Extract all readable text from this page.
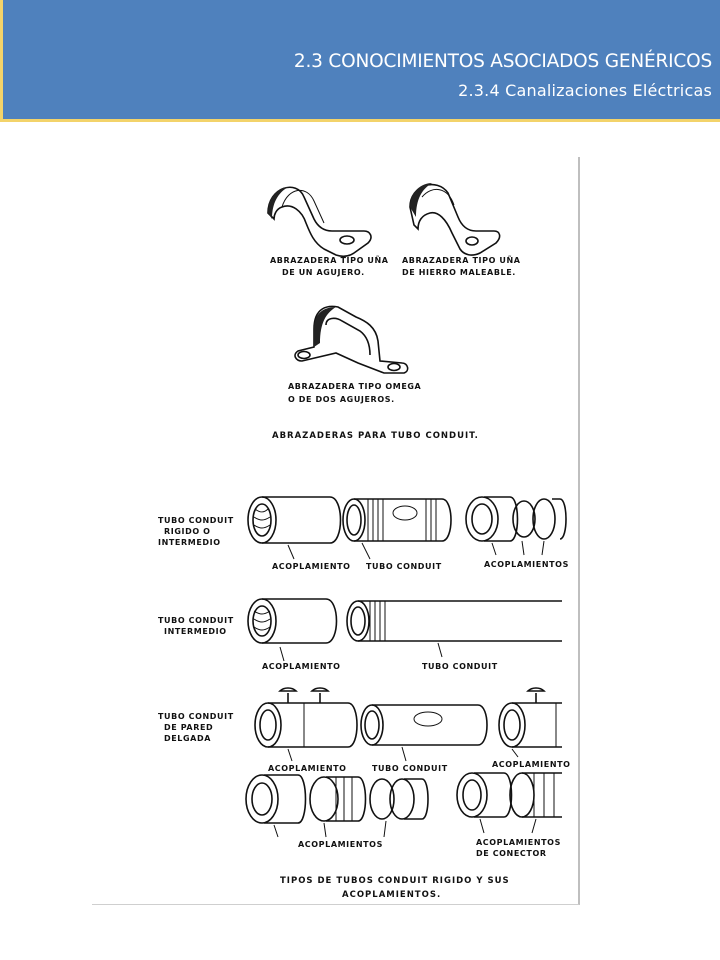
2.3 CONOCIMIENTOS ASOCIADOS GENÉRICOS
2.3.4 Canalizaciones Eléctricas
ABRAZADERA TIPO UÑA
DE UN AGUJERO.
ABRAZADERA TIPO UÑA
DE HIERRO MALEABLE.
ABRAZADERA TIPO OMEGA
O DE DOS AGUJEROS.
ABRAZADERAS PARA TUBO CONDUIT.
TUBO CONDUIT
RIGIDO O
INTERMEDIO
ACOPLAMIENTO TUBO CONDUIT	ACOPLAMIENTOS
TUBO CONDUIT
INTERMEDIO
ACOPLAMIENTO	TUBO CONDUIT
TUBO CONDUIT
DE PARED
DELGADA
ACOPLAMIENTO	TUBO CONDUIT	ACOPLAMIENTO
ACOPLAMIENTOS	ACOPLAMIENTOS
DE CONECTOR
TIPOS DE TUBOS CONDUIT RIGIDO Y SUS
ACOPLAMIENTOS.
